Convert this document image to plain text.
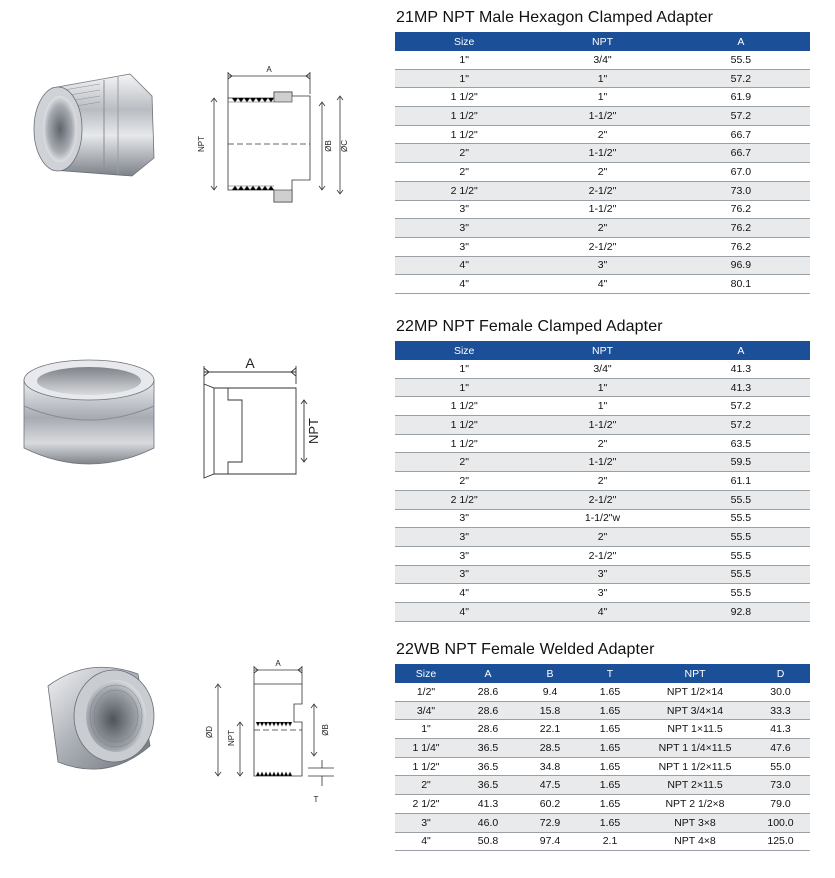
21MP NPT Male Hexagon Clamped Adapter
A
NPT	ØB ØC
Size	NPT	A
1"	3/4"	55.5
1"	1"	57.2
1 1/2"	1"	61.9
1 1/2"	1-1/2"	57.2
1 1/2"	2"	66.7
2"	1-1/2"	66.7
2"	2"	67.0
2 1/2"	2-1/2"	73.0
3"	1-1/2"	76.2
3"	2"	76.2
3"	2-1/2"	76.2
4"	3"	96.9
4"	4"	80.1
22MP NPT Female Clamped Adapter
A
NPT
Size	NPT	A
1"	3/4"	41.3
1"	1"	41.3
1 1/2"	1"	57.2
1 1/2"	1-1/2"	57.2
1 1/2"	2"	63.5
2"	1-1/2"	59.5
2"	2"	61.1
2 1/2"	2-1/2"	55.5
3"	1-1/2"w	55.5
3"	2"	55.5
3"	2-1/2"	55.5
3"	3"	55.5
4"	3"	55.5
4"	4"	92.8
22WB NPT Female Welded Adapter
A
ØD NPT	ØB
T
Size	A	B	T	NPT	D
1/2"	28.6	9.4	1.65	NPT 1/2×14	30.0
3/4"	28.6	15.8	1.65	NPT 3/4×14	33.3
1"	28.6	22.1	1.65	NPT 1×11.5	41.3
1 1/4"	36.5	28.5	1.65	NPT 1 1/4×11.5	47.6
1 1/2"	36.5	34.8	1.65	NPT 1 1/2×11.5	55.0
2"	36.5	47.5	1.65	NPT 2×11.5	73.0
2 1/2"	41.3	60.2	1.65	NPT 2 1/2×8	79.0
3"	46.0	72.9	1.65	NPT 3×8	100.0
4"	50.8	97.4	2.1	NPT 4×8	125.0
